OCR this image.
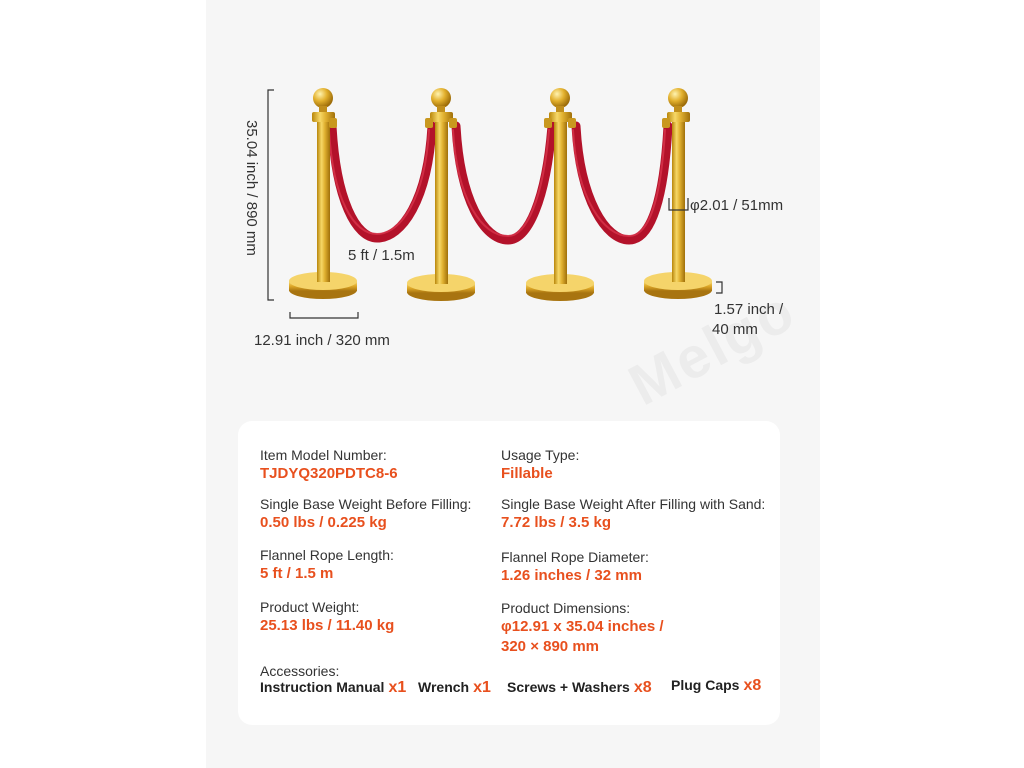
35.04 inch / 890 mm	5 ft / 1.5m
φ2.01 / 51mm
12.91 inch / 320 mm
1.57 inch /
40 mm
Item Model Number:
TJDYQ320PDTC8-6
Usage Type:
Fillable
Single Base Weight Before Filling:
0.50 lbs / 0.225 kg
Single Base Weight After Filling with Sand:
7.72 lbs / 3.5 kg
Flannel Rope Length:
5 ft / 1.5 m
Flannel Rope Diameter:
1.26 inches / 32 mm
Product Weight:
25.13 lbs / 11.40 kg
Product Dimensions:
φ12.91 x 35.04 inches /
320 × 890 mm
Accessories:
Instruction Manual x1 Wrench x1 Screws + Washers x8 Plug Caps x8
